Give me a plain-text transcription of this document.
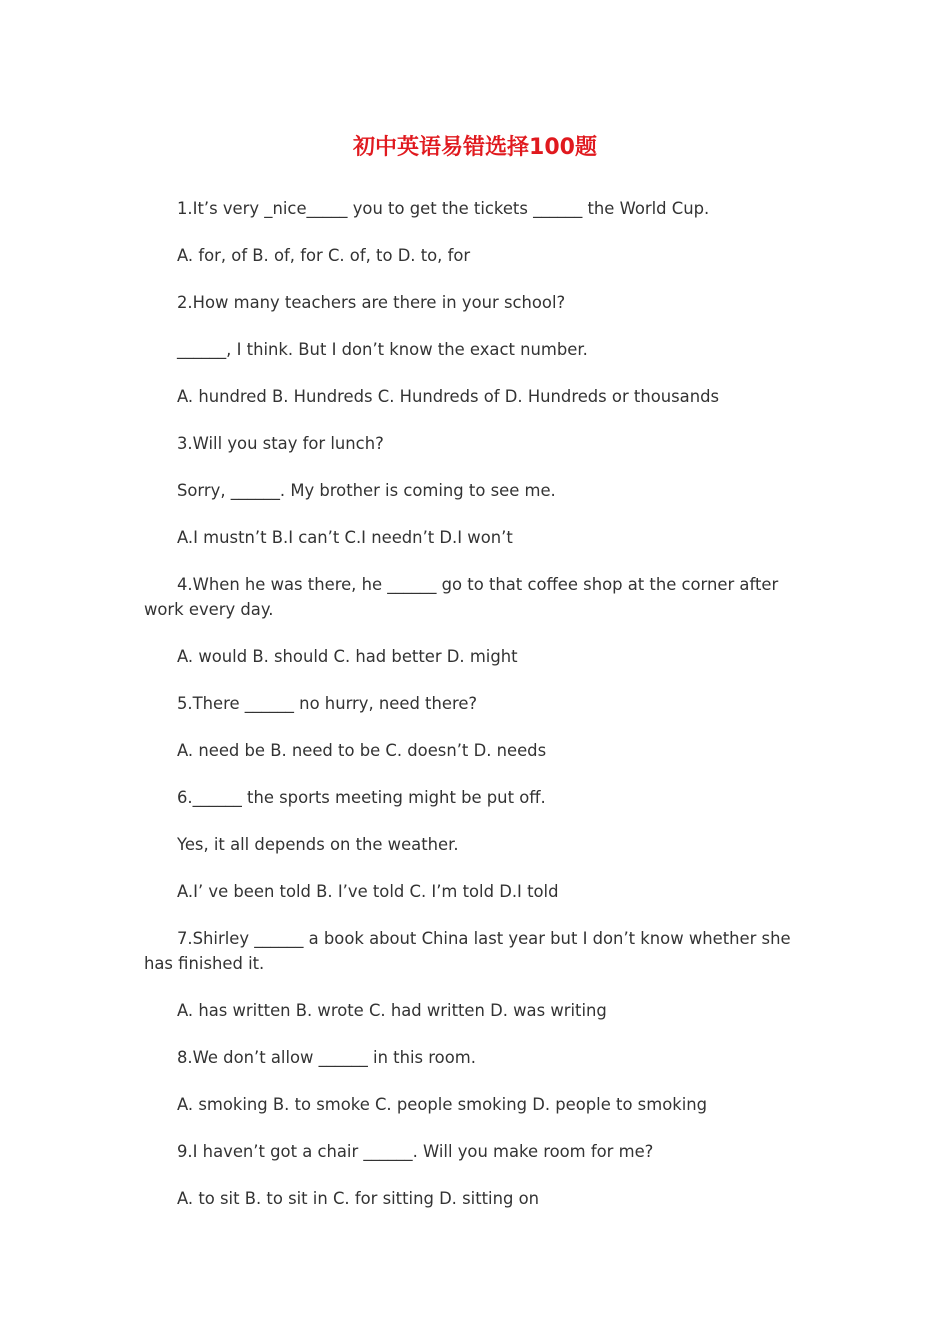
初中英语易错选择100题

1.It’s very _nice_____ you to get the tickets ______ the World Cup.

A. for, of B. of, for C. of, to D. to, for

2.How many teachers are there in your school?

______, I think. But I don’t know the exact number.

A. hundred B. Hundreds C. Hundreds of D. Hundreds or thousands

3.Will you stay for lunch?

Sorry, ______. My brother is coming to see me.

A.I mustn’t B.I can’t C.I needn’t D.I won’t

4.When he was there, he ______ go to that coffee shop at the corner after work every day.

A. would B. should C. had better D. might

5.There ______ no hurry, need there?

A. need be B. need to be C. doesn’t D. needs

6.______ the sports meeting might be put off.

Yes, it all depends on the weather.

A.I’ ve been told B. I’ve told C. I’m told D.I told

7.Shirley ______ a book about China last year but I don’t know whether she has finished it.

A. has written B. wrote C. had written D. was writing

8.We don’t allow ______ in this room.

A. smoking B. to smoke C. people smoking D. people to smoking

9.I haven’t got a chair ______. Will you make room for me?

A. to sit B. to sit in C. for sitting D. sitting on
